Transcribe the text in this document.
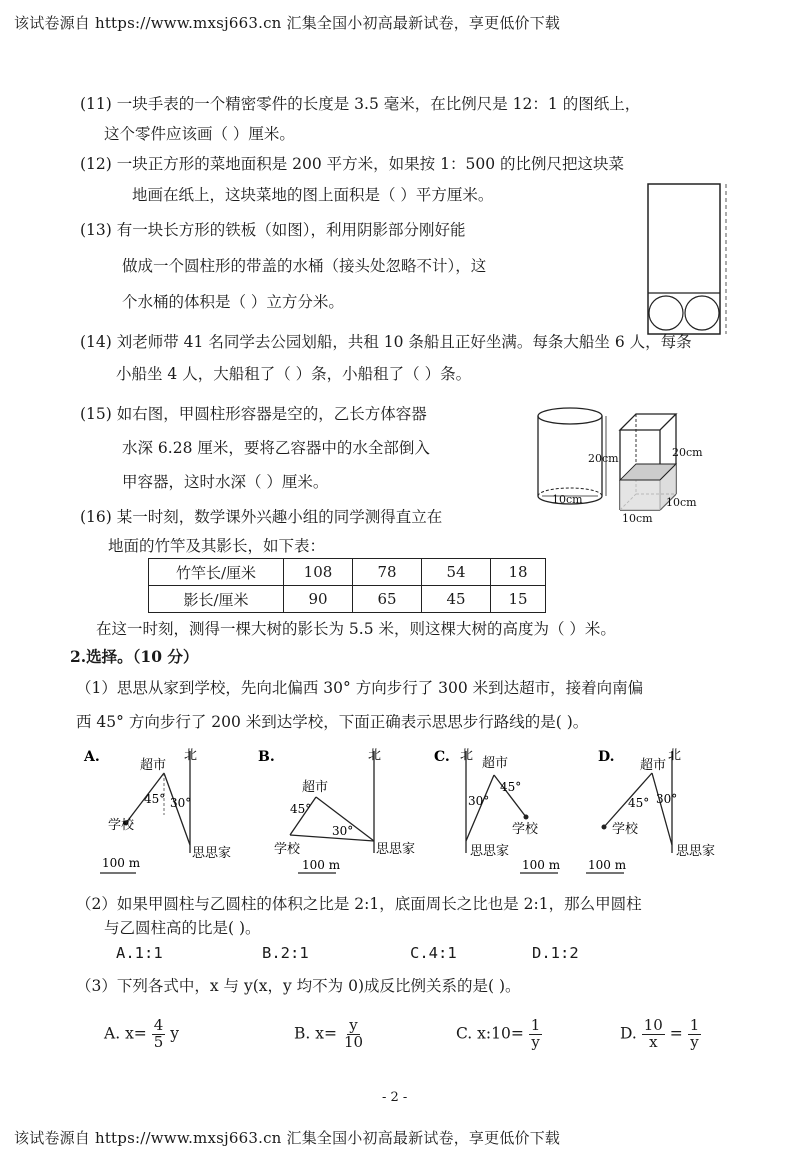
该试卷源自 https://www.mxsj663.cn 汇集全国小初高最新试卷，享更低价下载
该试卷源自 https://www.mxsj663.cn 汇集全国小初高最新试卷，享更低价下载
(11) 一块手表的一个精密零件的长度是 3.5 毫米，在比例尺是 12：1 的图纸上，
这个零件应该画（ ）厘米。
(12) 一块正方形的菜地面积是 200 平方米，如果按 1：500 的比例尺把这块菜
地画在纸上，这块菜地的图上面积是（ ）平方厘米。
(13) 有一块长方形的铁板（如图），利用阴影部分刚好能
做成一个圆柱形的带盖的水桶（接头处忽略不计），这
个水桶的体积是（ ）立方分米。
(14) 刘老师带 41 名同学去公园划船，共租 10 条船且正好坐满。每条大船坐 6 人，每条
小船坐 4 人，大船租了（ ）条，小船租了（ ）条。
(15) 如右图，甲圆柱形容器是空的，乙长方体容器
水深 6.28 厘米，要将乙容器中的水全部倒入
甲容器，这时水深（ ）厘米。
20cm
10cm
20cm
10cm
10cm
(16) 某一时刻，数学课外兴趣小组的同学测得直立在
地面的竹竿及其影长，如下表：
竹竿长/厘米	108	78	54	18
影长/厘米	90	65	45	15
在这一时刻，测得一棵大树的影长为 5.5 米，则这棵大树的高度为（ ）米。
2.选择。（10 分）
（1）思思从家到学校，先向北偏西 30° 方向步行了 300 米到达超市，接着向南偏
西 45° 方向步行了 200 米到达学校，下面正确表示思思步行路线的是( )。
A.	北
超市
45° 30°
学校
思思家
100 m
B.	北
超市
45°
30°
学校	思思家
100 m
C. 北
超市
45°
30°
学校
思思家
100 m
D.	北
超市
45° 30°
学校
思思家
100 m
（2）如果甲圆柱与乙圆柱的体积之比是 2:1，底面周长之比也是 2:1，那么甲圆柱
与乙圆柱高的比是( )。
A.1:1	B.2:1	C.4:1	D.1:2
（3）下列各式中，x 与 y(x，y 均不为 0)成反比例关系的是( )。
A. $x= \frac{4}{5}$ y	B. $x= \frac{y}{10}$	C. x:10= $\frac{1}{y}$	D. $\frac{10}{x} = \frac{1}{y}$
- 2 -
